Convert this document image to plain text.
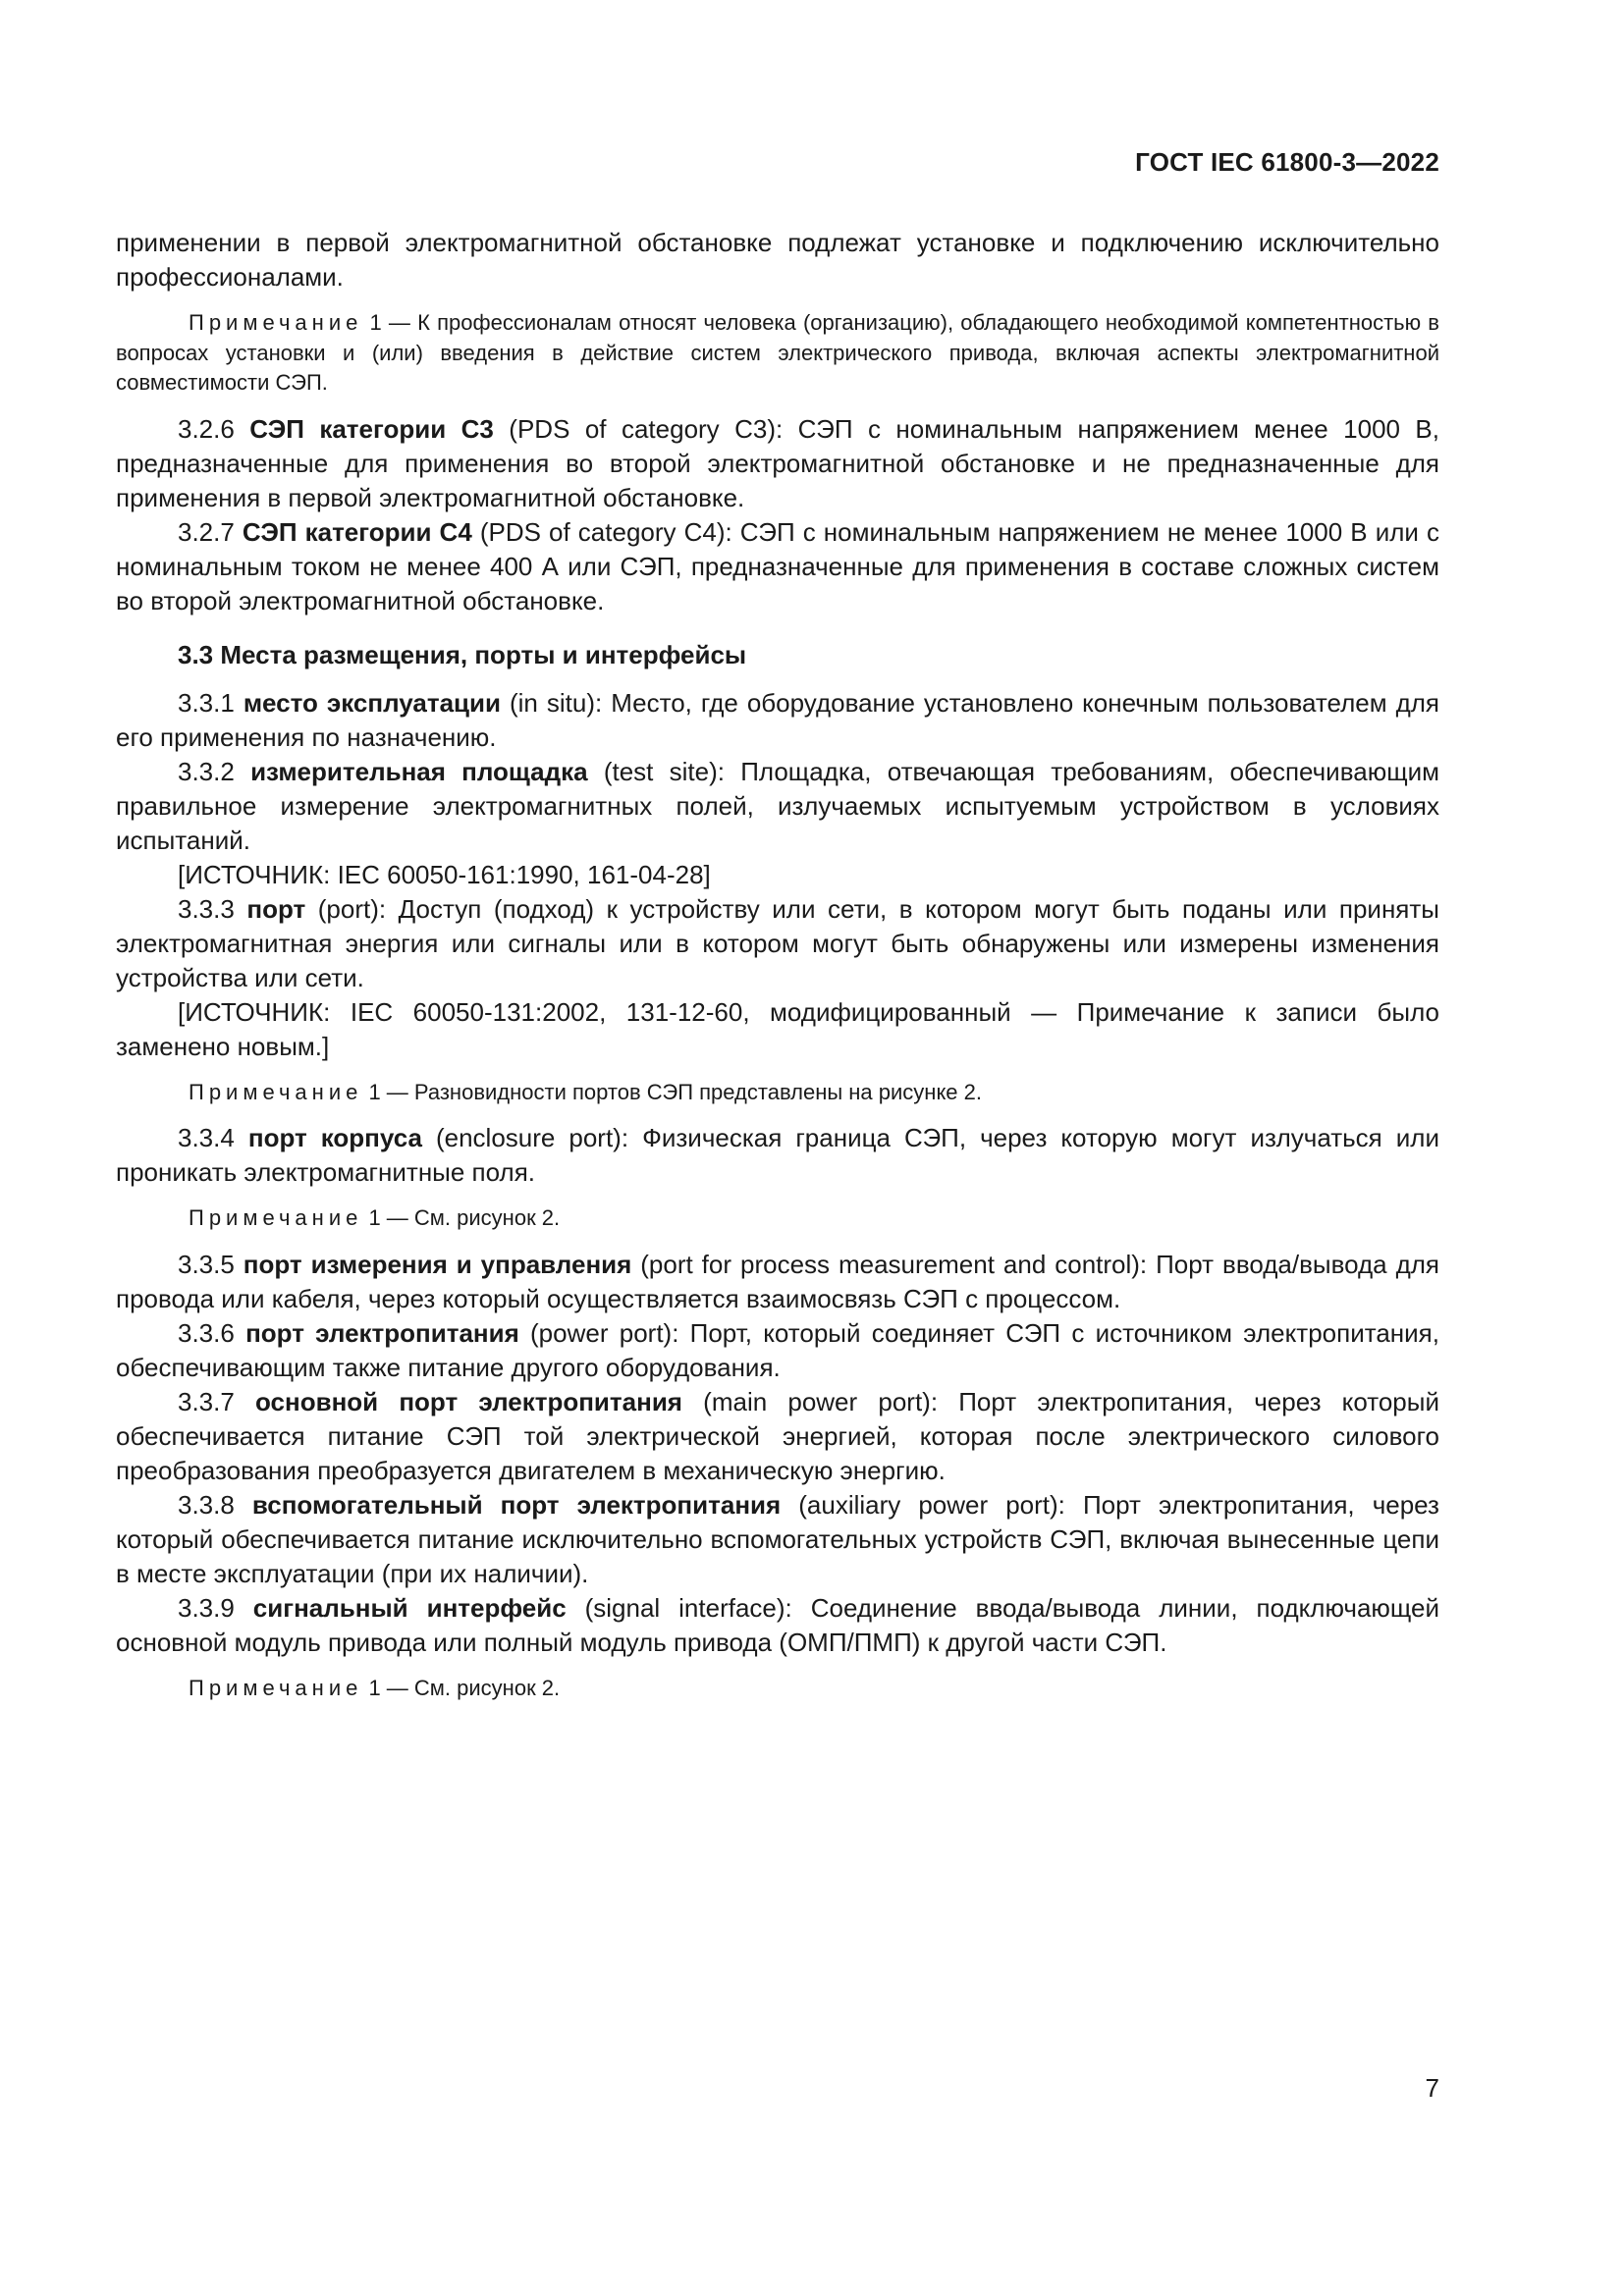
ГОСТ IEC 61800-3—2022

применении в первой электромагнитной обстановке подлежат установке и подключению исключительно профессионалами.

Примечание 1 — К профессионалам относят человека (организацию), обладающего необходимой компетентностью в вопросах установки и (или) введения в действие систем электрического привода, включая аспекты электромагнитной совместимости СЭП.

3.2.6 СЭП категории С3 (PDS of category C3): СЭП с номинальным напряжением менее 1000 В, предназначенные для применения во второй электромагнитной обстановке и не предназначенные для применения в первой электромагнитной обстановке.

3.2.7 СЭП категории С4 (PDS of category C4): СЭП с номинальным напряжением не менее 1000 В или с номинальным током не менее 400 А или СЭП, предназначенные для применения в составе сложных систем во второй электромагнитной обстановке.

3.3 Места размещения, порты и интерфейсы

3.3.1 место эксплуатации (in situ): Место, где оборудование установлено конечным пользователем для его применения по назначению.

3.3.2 измерительная площадка (test site): Площадка, отвечающая требованиям, обеспечивающим правильное измерение электромагнитных полей, излучаемых испытуемым устройством в условиях испытаний.

[ИСТОЧНИК: IEC 60050-161:1990, 161-04-28]

3.3.3 порт (port): Доступ (подход) к устройству или сети, в котором могут быть поданы или приняты электромагнитная энергия или сигналы или в котором могут быть обнаружены или измерены изменения устройства или сети.

[ИСТОЧНИК: IEC 60050-131:2002, 131-12-60, модифицированный — Примечание к записи было заменено новым.]

Примечание 1 — Разновидности портов СЭП представлены на рисунке 2.

3.3.4 порт корпуса (enclosure port): Физическая граница СЭП, через которую могут излучаться или проникать электромагнитные поля.

Примечание 1 — См. рисунок 2.

3.3.5 порт измерения и управления (port for process measurement and control): Порт ввода/вывода для провода или кабеля, через который осуществляется взаимосвязь СЭП с процессом.

3.3.6 порт электропитания (power port): Порт, который соединяет СЭП с источником электропитания, обеспечивающим также питание другого оборудования.

3.3.7 основной порт электропитания (main power port): Порт электропитания, через который обеспечивается питание СЭП той электрической энергией, которая после электрического силового преобразования преобразуется двигателем в механическую энергию.

3.3.8 вспомогательный порт электропитания (auxiliary power port): Порт электропитания, через который обеспечивается питание исключительно вспомогательных устройств СЭП, включая вынесенные цепи в месте эксплуатации (при их наличии).

3.3.9 сигнальный интерфейс (signal interface): Соединение ввода/вывода линии, подключающей основной модуль привода или полный модуль привода (ОМП/ПМП) к другой части СЭП.

Примечание 1 — См. рисунок 2.

7
